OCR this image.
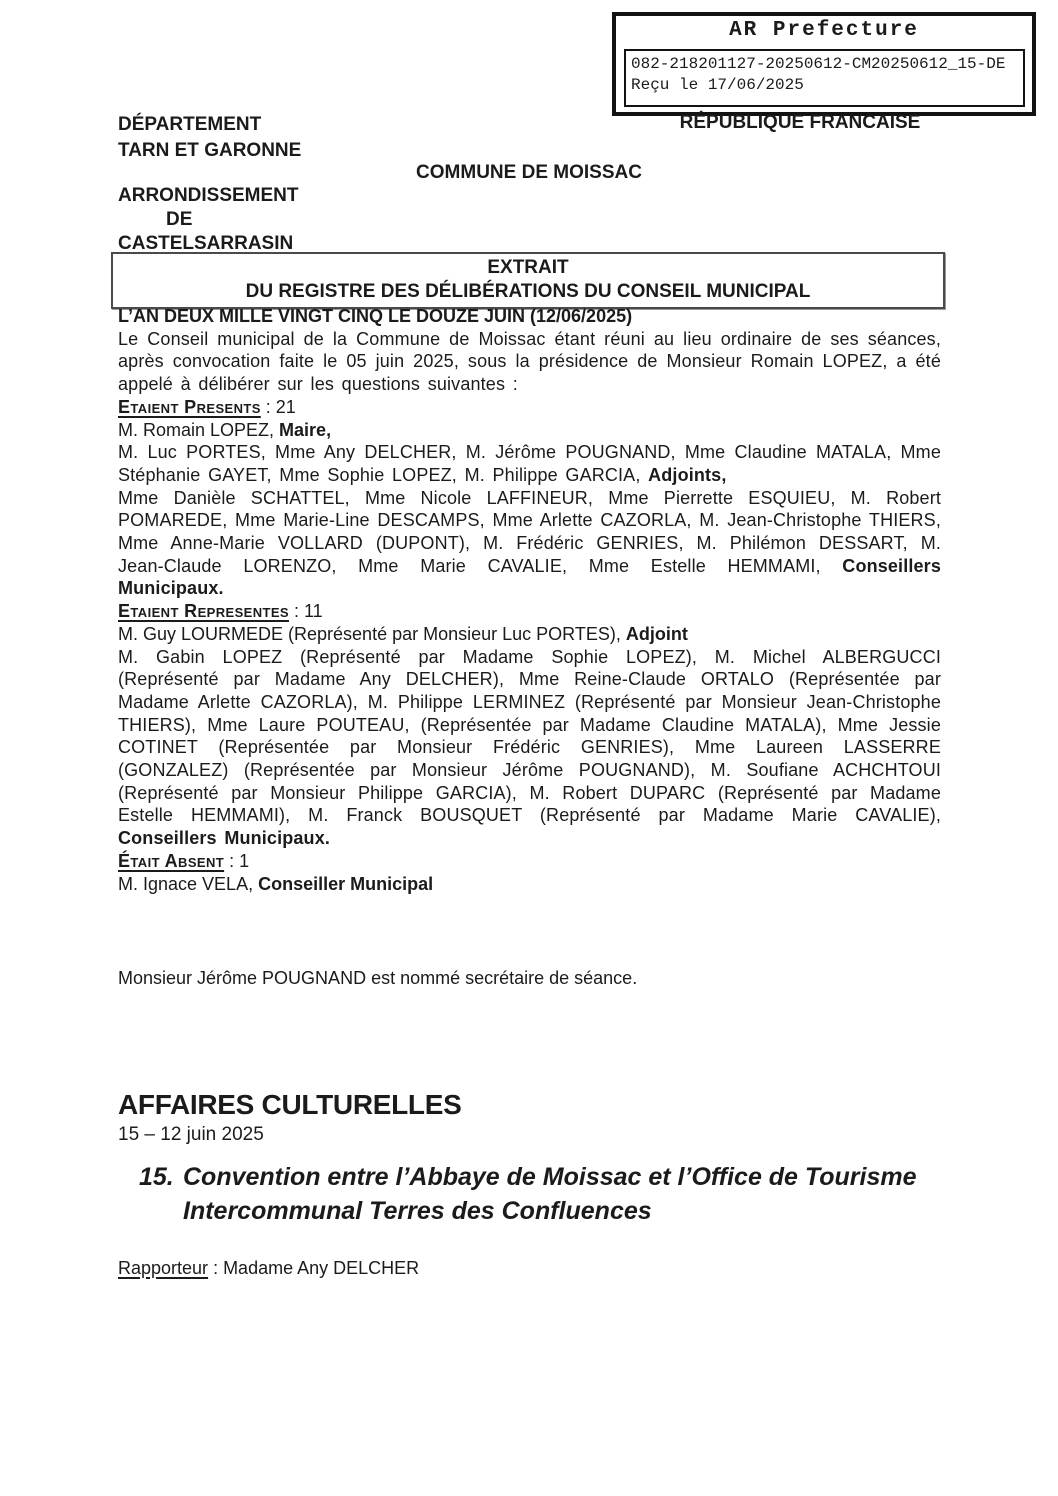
AR Prefecture
082-218201127-20250612-CM20250612_15-DE
Reçu le 17/06/2025
DÉPARTEMENT
TARN ET GARONNE
RÉPUBLIQUE FRANCAISE
COMMUNE DE MOISSAC
ARRONDISSEMENT
DE
CASTELSARRASIN
EXTRAIT
DU REGISTRE DES DÉLIBÉRATIONS DU CONSEIL MUNICIPAL

L’AN DEUX MILLE VINGT CINQ LE DOUZE JUIN (12/06/2025)

Le Conseil municipal de la Commune de Moissac étant réuni au lieu ordinaire de ses séances, après convocation faite le 05 juin 2025, sous la présidence de Monsieur Romain LOPEZ, a été appelé à délibérer sur les questions suivantes :

Etaient Presents : 21

M. Romain LOPEZ, Maire,

M. Luc PORTES, Mme Any DELCHER, M. Jérôme POUGNAND, Mme Claudine MATALA, Mme Stéphanie GAYET, Mme Sophie LOPEZ, M. Philippe GARCIA, Adjoints,

Mme Danièle SCHATTEL, Mme Nicole LAFFINEUR, Mme Pierrette ESQUIEU, M. Robert POMAREDE, Mme Marie-Line DESCAMPS, Mme Arlette CAZORLA, M. Jean-Christophe THIERS, Mme Anne-Marie VOLLARD (DUPONT), M. Frédéric GENRIES, M. Philémon DESSART, M. Jean-Claude LORENZO, Mme Marie CAVALIE, Mme Estelle HEMMAMI, Conseillers Municipaux.

Etaient Representes : 11

M. Guy LOURMEDE (Représenté par Monsieur Luc PORTES), Adjoint

M. Gabin LOPEZ (Représenté par Madame Sophie LOPEZ), M. Michel ALBERGUCCI (Représenté par Madame Any DELCHER), Mme Reine-Claude ORTALO (Représentée par Madame Arlette CAZORLA), M. Philippe LERMINEZ (Représenté par Monsieur Jean-Christophe THIERS), Mme Laure POUTEAU, (Représentée par Madame Claudine MATALA), Mme Jessie COTINET (Représentée par Monsieur Frédéric GENRIES), Mme Laureen LASSERRE (GONZALEZ) (Représentée par Monsieur Jérôme POUGNAND), M. Soufiane ACHCHTOUI (Représenté par Monsieur Philippe GARCIA), M. Robert DUPARC (Représenté par Madame Estelle HEMMAMI), M. Franck BOUSQUET (Représenté par Madame Marie CAVALIE), Conseillers Municipaux.

Était Absent : 1

M. Ignace VELA, Conseiller Municipal

Monsieur Jérôme POUGNAND est nommé secrétaire de séance.
AFFAIRES CULTURELLES
15 – 12 juin 2025
15. Convention entre l’Abbaye de Moissac et l’Office de Tourisme Intercommunal Terres des Confluences
Rapporteur : Madame Any DELCHER
